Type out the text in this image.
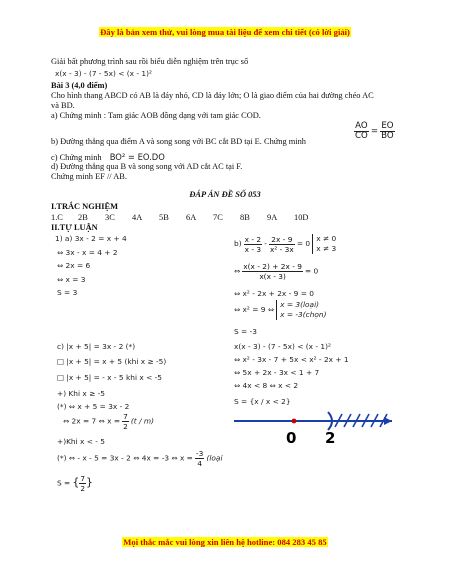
Đây là bản xem thử, vui lòng mua tài liệu để xem chi tiết (có lời giải)
Giải bất phương trình sau rồi biểu diễn nghiệm trên trục số
x(x - 3) - (7 - 5x) < (x - 1)²
Bài 3 (4,0 điểm)
Cho hình thang ABCD có AB là đáy nhỏ, CD là đáy lớn; O là giao điểm của hai đường chéo AC
và BD.
a) Chứng minh : Tam giác AOB đồng dạng với tam giác COD.
b) Đường thẳng qua điểm A và song song với BC cắt BD tại E. Chứng minh
$\frac{AO}{CO} = \frac{EO}{BO}$
c) Chứng minh BO² = EO.DO
d) Đường thẳng qua B và song song với AD cắt AC tại F.
Chứng minh EF // AB.
ĐÁP ÁN ĐỀ SỐ 053
I.TRẮC NGHIỆM
1.C 2B 3C 4A 5B 6A 7C 8B 9A 10D
II.TỰ LUẬN
1) a) 3x - 2 = x + 4
⇔ 3x - x = 4 + 2
⇔ 2x = 6
⇔ x = 3
S = 3
$b) \frac{x - 2}{x - 3} - \frac{2x - 9}{\text{x² - 3x}} = 0$
x ≠ 0
x ≠ 3
⇔ $\frac{x(x - 2) + 2x - 9}{x(x - 3)} = 0$
⇔ x² - 2x + 2x - 9 = 0
⇔ x² = 9 ⇔
x = 3(loại)
x = -3(chọn)
S = -3
c) |x + 5| = 3x - 2 (*)
□ |x + 5| = x + 5 (khi x ≥ -5)
□ |x + 5| = - x - 5 khi x < -5
+) Khi x ≥ -5
(*) ⇔ x + 5 = 3x - 2
⇔ 2x = 7 ⇔ $x = \frac{7}{2} (t / m)$
+)Khi x < - 5
(*) ⇔ - x - 5 = 3x - 2 ⇔ 4x = -3 ⇔ $x = \frac{-3}{4}$ (loại
S = { $\frac{7}{2}$ }
x(x - 3) - (7 - 5x) < (x - 1)²
⇔ x² - 3x - 7 + 5x < x² - 2x + 1
⇔ 5x + 2x - 3x < 1 + 7
⇔ 4x < 8 ⇔ x < 2
S = {x / x < 2}
0 2
Mọi thắc mắc vui lòng xin liên hệ hotline: 084 283 45 85
